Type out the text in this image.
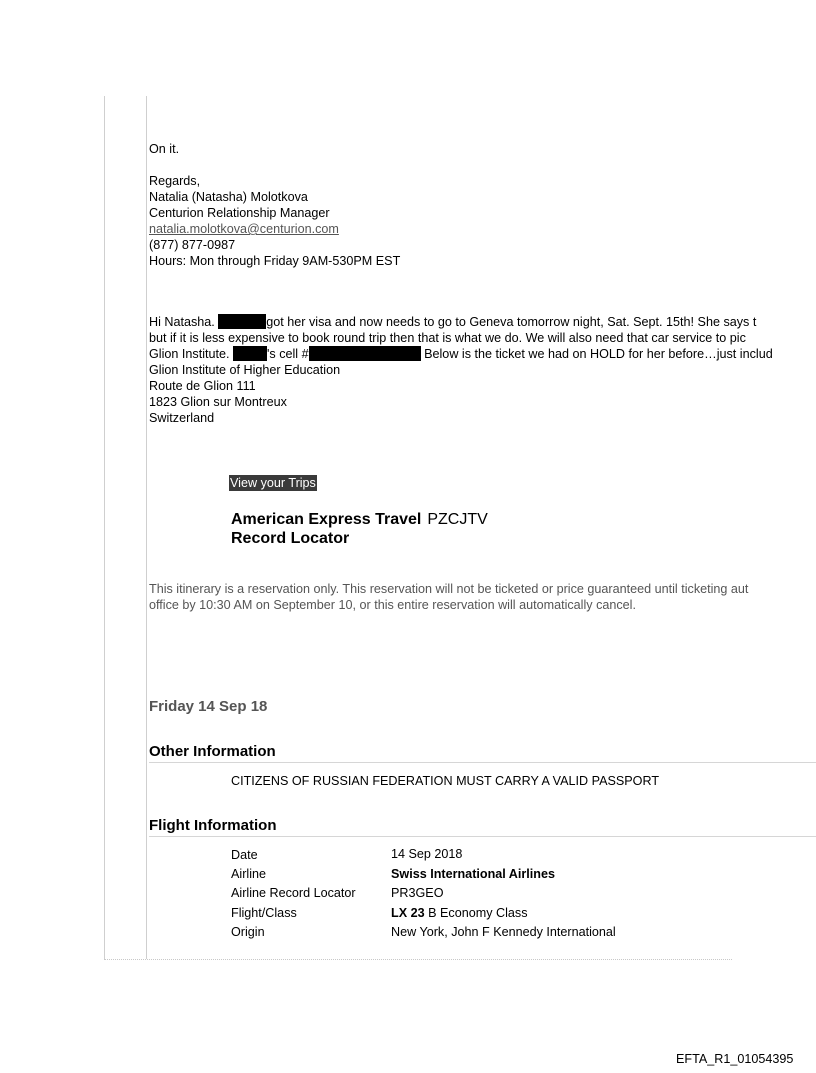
On it.
Regards,
Natalia (Natasha) Molotkova
Centurion Relationship Manager
natalia.molotkova@centurion.com
(877) 877-0987
Hours: Mon through Friday 9AM-530PM EST
Hi Natasha.	got her visa and now needs to go to Geneva tomorrow night, Sat. Sept. 15th! She says t
but if it is less expensive to book round trip then that is what we do. We will also need that car service to pic
Glion Institute.	's cell #	Below is the ticket we had on HOLD for her before…just includ
Glion Institute of Higher Education
Route de Glion 111
1823 Glion sur Montreux
Switzerland
View your Trips
American Express Travel PZCJTV
Record Locator
This itinerary is a reservation only. This reservation will not be ticketed or price guaranteed until ticketing aut
office by 10:30 AM on September 10, or this entire reservation will automatically cancel.
Friday 14 Sep 18
Other Information
CITIZENS OF RUSSIAN FEDERATION MUST CARRY A VALID PASSPORT
Flight Information
Date	14 Sep 2018
Airline	Swiss International Airlines
Airline Record Locator	PR3GEO
Flight/Class	LX 23 B Economy Class
Origin	New York, John F Kennedy International
EFTA_R1_01054395
